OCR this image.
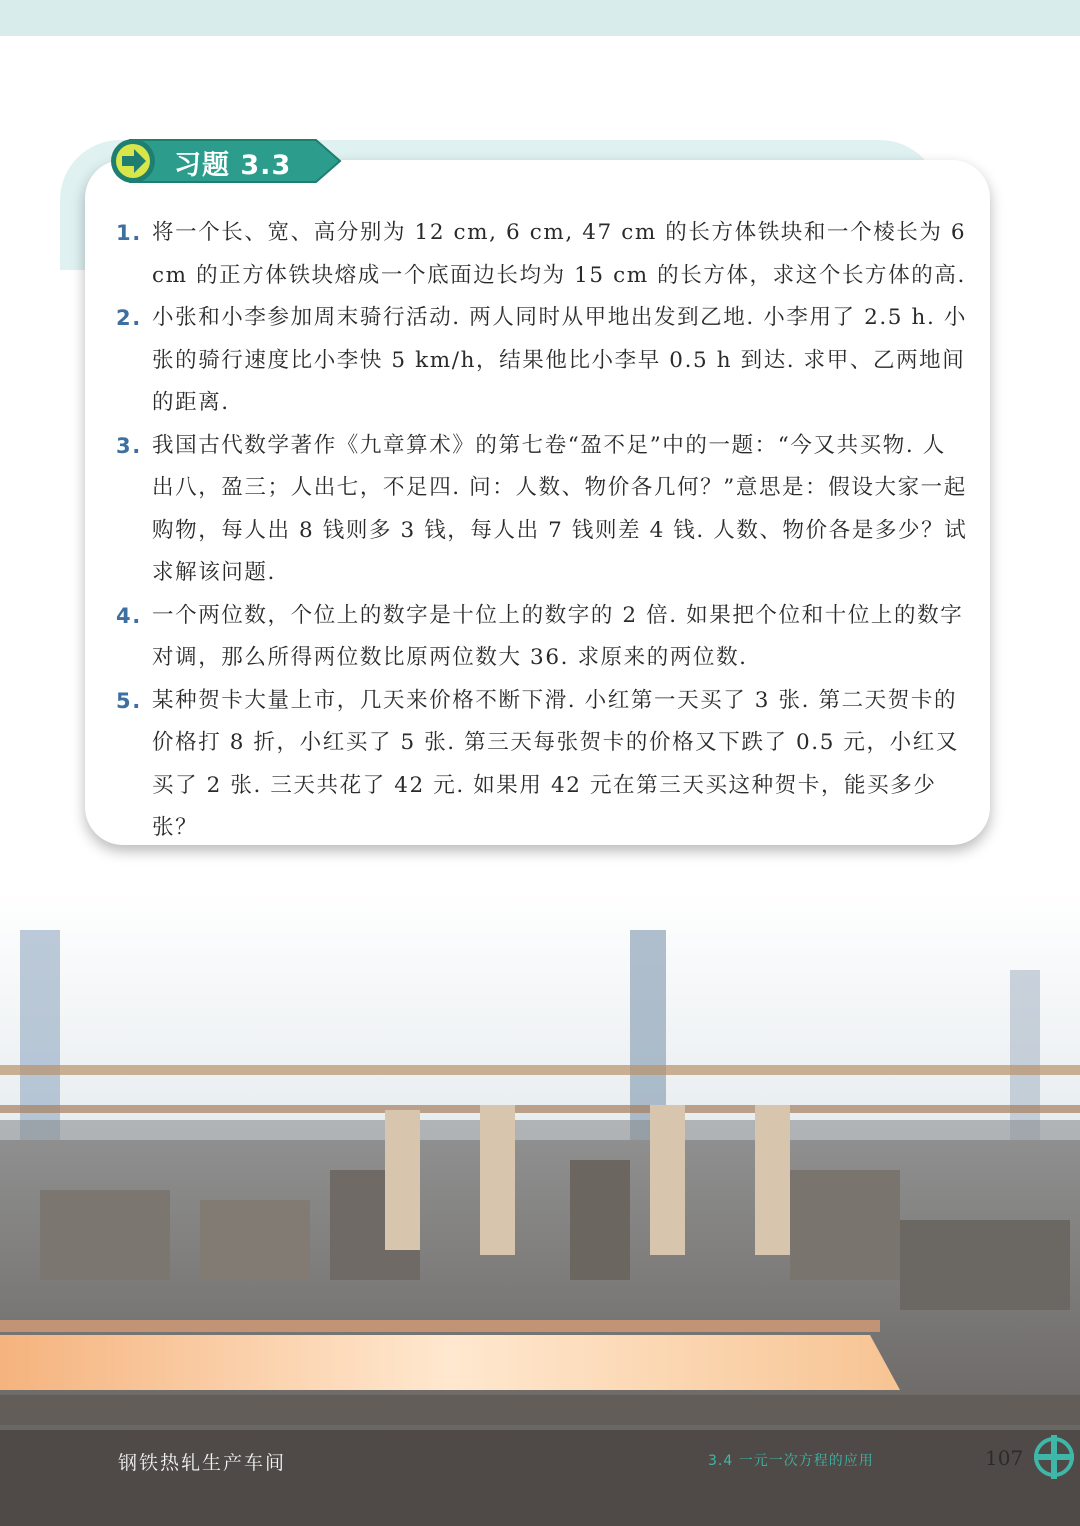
习题 3.3
1. 将一个长、宽、高分别为 12 cm, 6 cm, 47 cm 的长方体铁块和一个棱长为 6 cm 的正方体铁块熔成一个底面边长均为 15 cm 的长方体，求这个长方体的高.
2. 小张和小李参加周末骑行活动. 两人同时从甲地出发到乙地. 小李用了 2.5 h. 小张的骑行速度比小李快 5 km/h，结果他比小李早 0.5 h 到达. 求甲、乙两地间的距离.
3. 我国古代数学著作《九章算术》的第七卷“盈不足”中的一题：“今又共买物. 人出八，盈三；人出七，不足四. 问：人数、物价各几何？”意思是：假设大家一起购物，每人出 8 钱则多 3 钱，每人出 7 钱则差 4 钱. 人数、物价各是多少？试求解该问题.
4. 一个两位数，个位上的数字是十位上的数字的 2 倍. 如果把个位和十位上的数字对调，那么所得两位数比原两位数大 36. 求原来的两位数.
5. 某种贺卡大量上市，几天来价格不断下滑. 小红第一天买了 3 张. 第二天贺卡的价格打 8 折，小红买了 5 张. 第三天每张贺卡的价格又下跌了 0.5 元，小红又买了 2 张. 三天共花了 42 元. 如果用 42 元在第三天买这种贺卡，能买多少张？
钢铁热轧生产车间	3.4 一元一次方程的应用	107
